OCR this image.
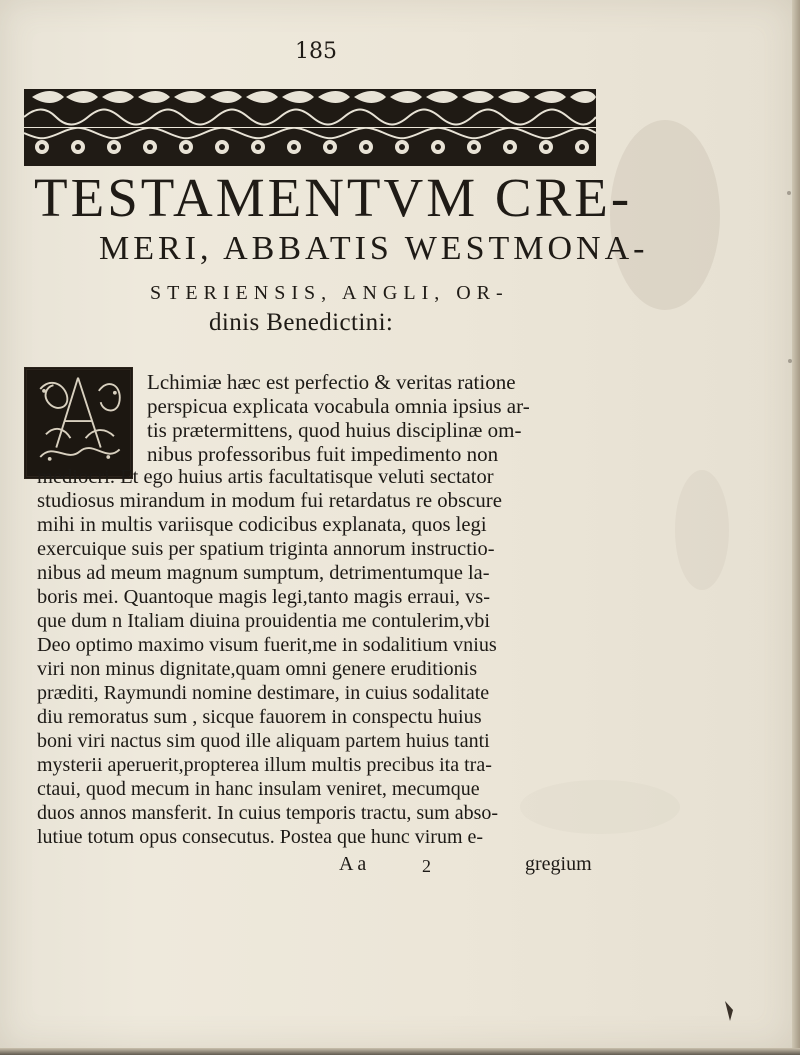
185
TESTAMENTVM CRE-
MERI, ABBATIS WESTMONA-
STERIENSIS, ANGLI, OR-
dinis Benedictini:
Lchimiæ hæc est perfectio & veritas ratione
perspicua explicata vocabula omnia ipsius ar-
tis prætermittens, quod huius disciplinæ om-
nibus professoribus fuit impedimento non
mediocri. Et ego huius artis facultatisque veluti sectator
studiosus mirandum in modum fui retardatus re obscure
mihi in multis variisque codicibus explanata, quos legi
exercuique suis per spatium triginta annorum instructio-
nibus ad meum magnum sumptum, detrimentumque la-
boris mei. Quantoque magis legi,tanto magis erraui, vs-
que dum n Italiam diuina prouidentia me contulerim,vbi
Deo optimo maximo visum fuerit,me in sodalitium vnius
viri non minus dignitate,quam omni genere eruditionis
præditi, Raymundi nomine destimare, in cuius sodalitate
diu remoratus sum , sicque fauorem in conspectu huius
boni viri nactus sim quod ille aliquam partem huius tanti
mysterii aperuerit,propterea illum multis precibus ita tra-
ctaui, quod mecum in hanc insulam veniret, mecumque
duos annos mansferit. In cuius temporis tractu, sum abso-
lutiue totum opus consecutus. Postea que hunc virum e-
A a	2	gregium
